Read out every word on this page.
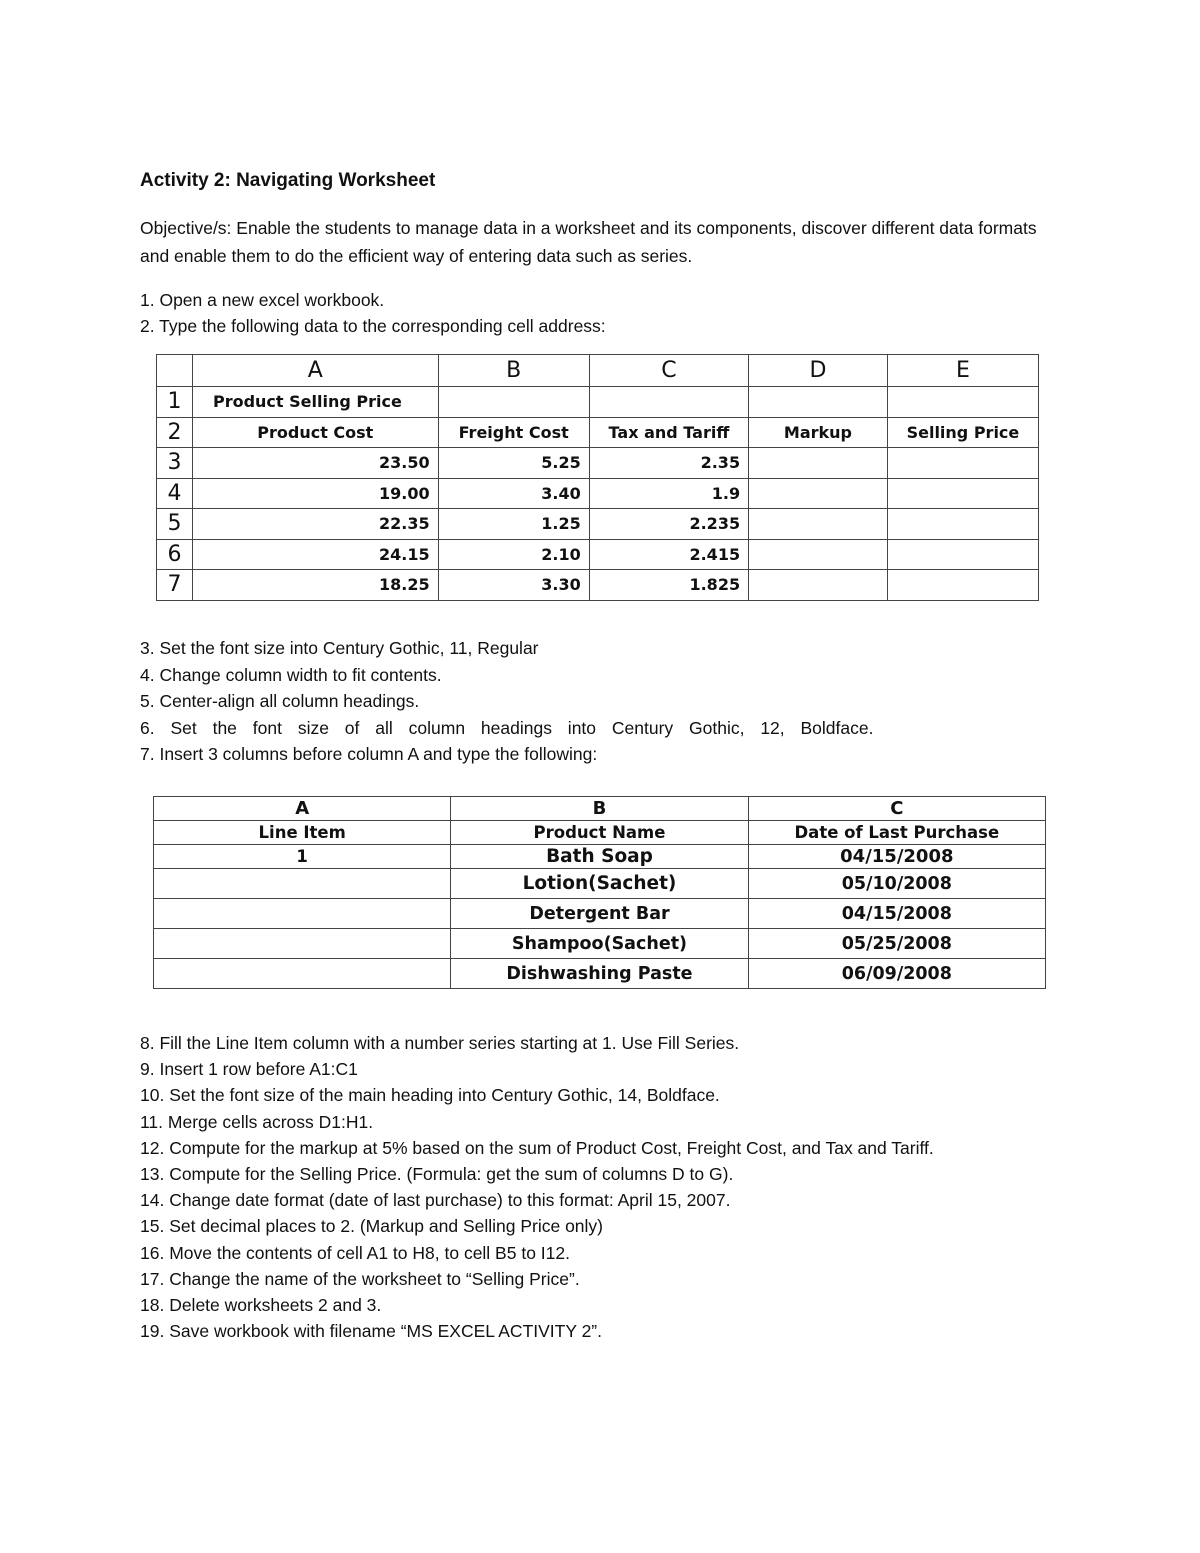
Activity 2: Navigating Worksheet
Objective/s: Enable the students to manage data in a worksheet and its components, discover different data formats and enable them to do the efficient way of entering data such as series.
1. Open a new excel workbook.
2. Type the following data to the corresponding cell address:
	A	B	C	D	E
1	Product Selling Price				
2	Product Cost	Freight Cost	Tax and Tariff	Markup	Selling Price
3	23.50	5.25	2.35		
4	19.00	3.40	1.9		
5	22.35	1.25	2.235		
6	24.15	2.10	2.415		
7	18.25	3.30	1.825		
3. Set the font size into Century Gothic, 11, Regular
4. Change column width to fit contents.
5. Center-align all column headings.
6. Set the font size of all column headings into Century Gothic, 12, Boldface.
7. Insert 3 columns before column A and type the following:
A	B	C
Line Item	Product Name	Date of Last Purchase
1	Bath Soap	04/15/2008
	Lotion(Sachet)	05/10/2008
	Detergent Bar	04/15/2008
	Shampoo(Sachet)	05/25/2008
	Dishwashing Paste	06/09/2008
8. Fill the Line Item column with a number series starting at 1. Use Fill Series.
9. Insert 1 row before A1:C1
10. Set the font size of the main heading into Century Gothic, 14, Boldface.
11. Merge cells across D1:H1.
12. Compute for the markup at 5% based on the sum of Product Cost, Freight Cost, and Tax and Tariff.
13. Compute for the Selling Price. (Formula: get the sum of columns D to G).
14. Change date format (date of last purchase) to this format: April 15, 2007.
15. Set decimal places to 2. (Markup and Selling Price only)
16. Move the contents of cell A1 to H8, to cell B5 to I12.
17. Change the name of the worksheet to “Selling Price”.
18. Delete worksheets 2 and 3.
19. Save workbook with filename “MS EXCEL ACTIVITY 2”.
